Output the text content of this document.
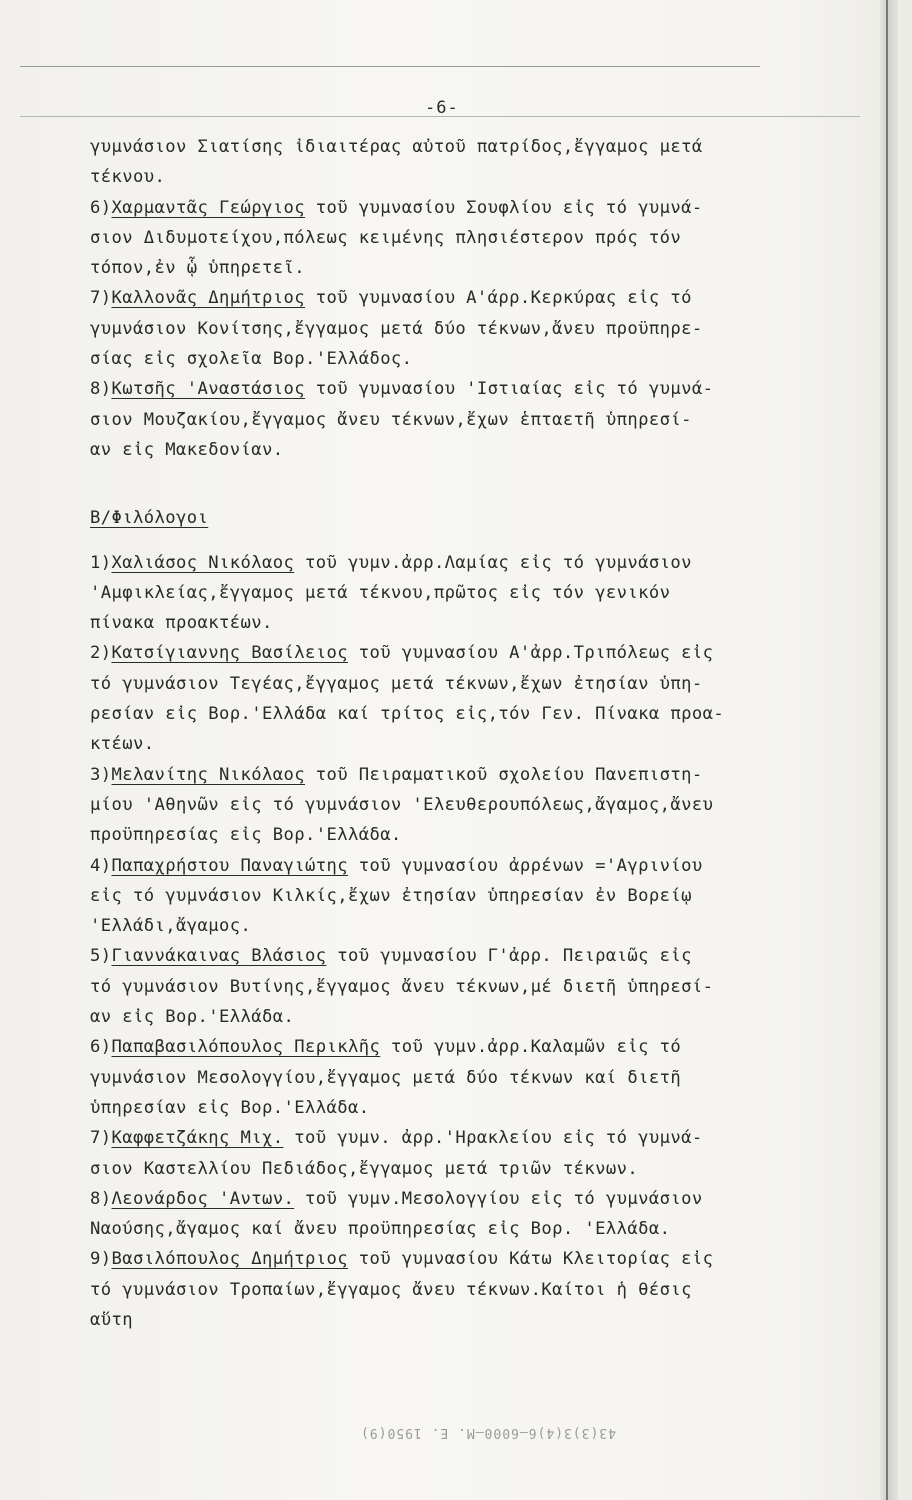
-6-
γυμνάσιον Σιατίσης ἰδιαιτέρας αὐτοῦ πατρίδος,ἔγγαμος μετά
τέκνου.
6)Χαρμαντᾶς Γεώργιος τοῦ γυμνασίου Σουφλίου εἰς τό γυμνά-
σιον Διδυμοτείχου,πόλεως κειμένης πλησιέστερον πρός τόν
τόπον,ἐν ᾧ ὑπηρετεῖ.
7)Καλλονᾶς Δημήτριος τοῦ γυμνασίου Α'άρρ.Κερκύρας εἰς τό
γυμνάσιον Κονίτσης,ἔγγαμος μετά δύο τέκνων,ἄνευ προϋπηρε-
σίας εἰς σχολεῖα Βορ.'Ελλάδος.
8)Κωτσῆς 'Αναστάσιος τοῦ γυμνασίου 'Ιστιαίας εἰς τό γυμνά-
σιον Μουζακίου,ἔγγαμος ἄνευ τέκνων,ἔχων ἑπταετῆ ὑπηρεσί-
αν εἰς Μακεδονίαν.
Β/Φιλόλογοι
1)Χαλιάσος Νικόλαος τοῦ γυμν.ἀρρ.Λαμίας εἰς τό γυμνάσιον
'Αμφικλείας,ἔγγαμος μετά τέκνου,πρῶτος εἰς τόν γενικόν
πίνακα προακτέων.
2)Κατσίγιαννης Βασίλειος τοῦ γυμνασίου Α'ἀρρ.Τριπόλεως εἰς
τό γυμνάσιον Τεγέας,ἔγγαμος μετά τέκνων,ἔχων ἐτησίαν ὑπη-
ρεσίαν εἰς Βορ.'Ελλάδα καί τρίτος εἰς,τόν Γεν. Πίνακα προα-
κτέων.
3)Μελανίτης Νικόλαος τοῦ Πειραματικοῦ σχολείου Πανεπιστη-
μίου 'Αθηνῶν εἰς τό γυμνάσιον 'Ελευθερουπόλεως,ἄγαμος,ἄνευ
προϋπηρεσίας εἰς Βορ.'Ελλάδα.
4)Παπαχρήστου Παναγιώτης τοῦ γυμνασίου ἀρρένων ='Αγρινίου
εἰς τό γυμνάσιον Κιλκίς,ἔχων ἐτησίαν ὑπηρεσίαν ἐν Βορείῳ
'Ελλάδι,ἄγαμος.
5)Γιαννάκαινας Βλάσιος τοῦ γυμνασίου Γ'ἀρρ. Πειραιῶς εἰς
τό γυμνάσιον Βυτίνης,ἔγγαμος ἄνευ τέκνων,μέ διετῆ ὑπηρεσί-
αν εἰς Βορ.'Ελλάδα.
6)Παπαβασιλόπουλος Περικλῆς τοῦ γυμν.ἀρρ.Καλαμῶν εἰς τό
γυμνάσιον Μεσολογγίου,ἔγγαμος μετά δύο τέκνων καί διετῆ
ὑπηρεσίαν εἰς Βορ.'Ελλάδα.
7)Καφφετζάκης Μιχ. τοῦ γυμν. ἀρρ.'Ηρακλείου εἰς τό γυμνά-
σιον Καστελλίου Πεδιάδος,ἔγγαμος μετά τριῶν τέκνων.
8)Λεονάρδος 'Αντων. τοῦ γυμν.Μεσολογγίου εἰς τό γυμνάσιον
Ναούσης,ἄγαμος καί ἄνευ προϋπηρεσίας εἰς Βορ. 'Ελλάδα.
9)Βασιλόπουλος Δημήτριος τοῦ γυμνασίου Κάτω Κλειτορίας εἰς
τό γυμνάσιον Τροπαίων,ἔγγαμος ἄνευ τέκνων.Καίτοι ἡ θέσις
αὕτη
43(3)3(4)6—6000—M. E. 1950(9)
